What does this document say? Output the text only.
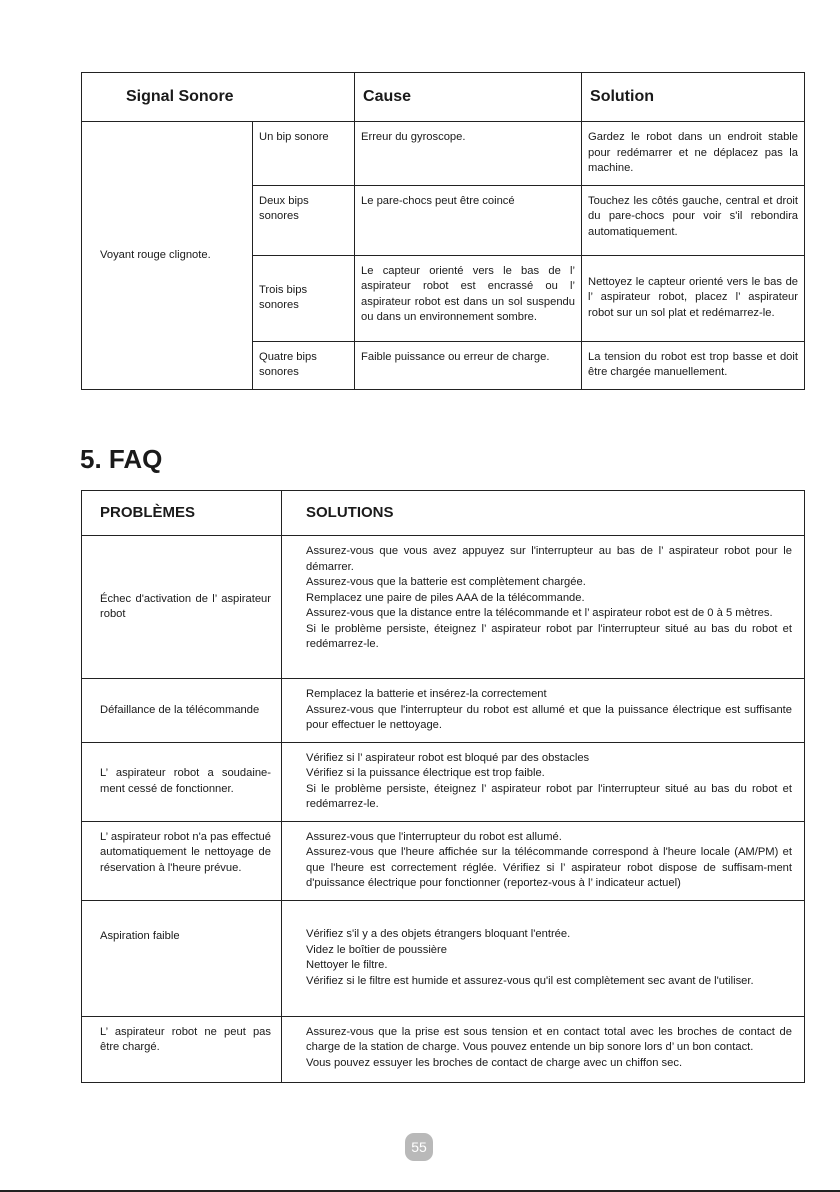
Signal Sonore		Cause	Solution
Voyant rouge clignote.	Un bip sonore	Erreur du gyroscope.	Gardez le robot dans un endroit stable pour redémarrer et ne déplacez pas la machine.
	Deux bips sonores	Le pare-chocs peut être coincé	Touchez les côtés gauche, central et droit du pare-chocs pour voir s'il rebondira automatiquement.
	Trois bips sonores	Le capteur orienté vers le bas de l’ aspirateur robot est encrassé ou l’ aspirateur robot est dans un sol suspendu ou dans un environnement sombre.	Nettoyez le capteur orienté vers le bas de l’ aspirateur robot, placez l’ aspirateur robot sur un sol plat et redémarrez-le.
	Quatre bips sonores	Faible puissance ou erreur de charge.	La tension du robot est trop basse et doit être chargée manuellement.
5. FAQ
PROBLÈMES	SOLUTIONS
Échec d'activation de l’ aspirateur robot	Assurez-vous que vous avez appuyez sur l'interrupteur au bas de l’ aspirateur robot pour le démarrer.
Assurez-vous que la batterie est complètement chargée.
Remplacez une paire de piles AAA de la télécommande.
Assurez-vous que la distance entre la télécommande et l’ aspirateur robot est de 0 à 5 mètres.
Si le problème persiste, éteignez l’ aspirateur robot par l'interrupteur situé au bas du robot et redémarrez-le.

Défaillance de la télécommande	Remplacez la batterie et insérez-la correctement
Assurez-vous que l'interrupteur du robot est allumé et que la puissance électrique est suffisante pour effectuer le nettoyage.

L’ aspirateur robot a soudaine-ment cessé de fonctionner.	Vérifiez si l’ aspirateur robot est bloqué par des obstacles
Vérifiez si la puissance électrique est trop faible.
Si le problème persiste, éteignez l’ aspirateur robot par l'interrupteur situé au bas du robot et redémarrez-le.

L’ aspirateur robot n'a pas effectué automatiquement le nettoyage de réservation à l'heure prévue.	Assurez-vous que l'interrupteur du robot est allumé.
Assurez-vous que l'heure affichée sur la télécommande correspond à l'heure locale (AM/PM) et que l'heure est correctement réglée. Vérifiez si l’ aspirateur robot dispose de suffisam-ment d'puissance électrique pour fonctionner (reportez-vous à l’ indicateur actuel)

Aspiration faible	Vérifiez s'il y a des objets étrangers bloquant l'entrée.
Videz le boîtier de poussière
Nettoyer le filtre.
Vérifiez si le filtre est humide et assurez-vous qu'il est complètement sec avant de l'utiliser.

L’ aspirateur robot ne peut pas être chargé.	Assurez-vous que la prise est sous tension et en contact total avec les broches de contact de charge de la station de charge. Vous pouvez entende un bip sonore lors d’ un bon contact.
Vous pouvez essuyer les broches de contact de charge avec un chiffon sec.
55
